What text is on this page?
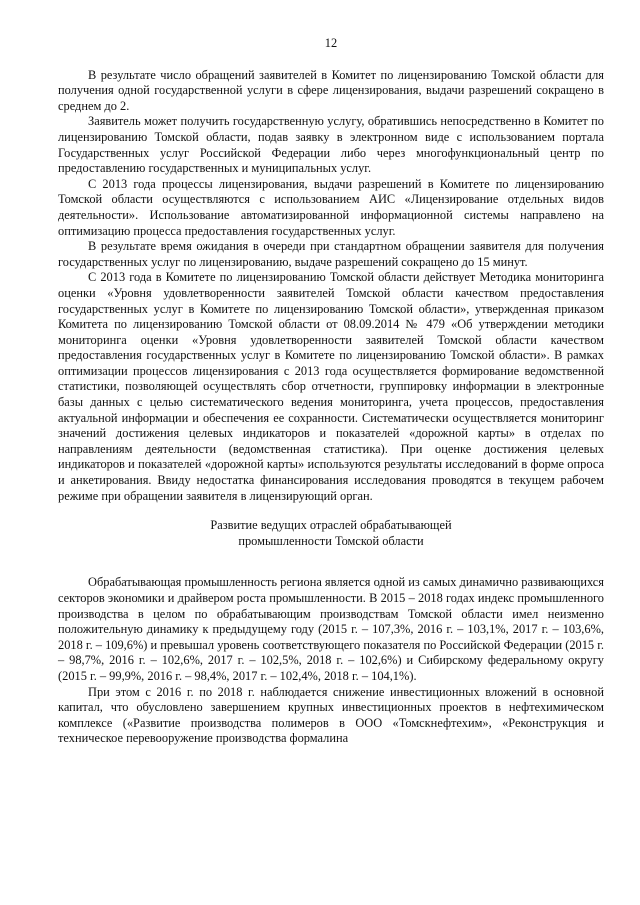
12

В результате число обращений заявителей в Комитет по лицензированию Томской области для получения одной государственной услуги в сфере лицензирования, выдачи разрешений сокращено в среднем до 2.

Заявитель может получить государственную услугу, обратившись непосредственно в Комитет по лицензированию Томской области, подав заявку в электронном виде с использованием портала Государственных услуг Российской Федерации либо через многофункциональный центр по предоставлению государственных и муниципальных услуг.

С 2013 года процессы лицензирования, выдачи разрешений в Комитете по лицензированию Томской области осуществляются с использованием АИС «Лицензирование отдельных видов деятельности». Использование автоматизированной информационной системы направлено на оптимизацию процесса предоставления государственных услуг.

В результате время ожидания в очереди при стандартном обращении заявителя для получения государственных услуг по лицензированию, выдаче разрешений сокращено до 15 минут.

С 2013 года в Комитете по лицензированию Томской области действует Методика мониторинга оценки «Уровня удовлетворенности заявителей Томской области качеством предоставления государственных услуг в Комитете по лицензированию Томской области», утвержденная приказом Комитета по лицензированию Томской области от 08.09.2014 № 479 «Об утверждении методики мониторинга оценки «Уровня удовлетворенности заявителей Томской области качеством предоставления государственных услуг в Комитете по лицензированию Томской области». В рамках оптимизации процессов лицензирования с 2013 года осуществляется формирование ведомственной статистики, позволяющей осуществлять сбор отчетности, группировку информации в электронные базы данных с целью систематического ведения мониторинга, учета процессов, предоставления актуальной информации и обеспечения ее сохранности. Систематически осуществляется мониторинг значений достижения целевых индикаторов и показателей «дорожной карты» в отделах по направлениям деятельности (ведомственная статистика). При оценке достижения целевых индикаторов и показателей «дорожной карты» используются результаты исследований в форме опроса и анкетирования. Ввиду недостатка финансирования исследования проводятся в текущем рабочем режиме при обращении заявителя в лицензирующий орган.

Развитие ведущих отраслей обрабатывающей
промышленности Томской области

Обрабатывающая промышленность региона является одной из самых динамично развивающихся секторов экономики и драйвером роста промышленности. В 2015 – 2018 годах индекс промышленного производства в целом по обрабатывающим производствам Томской области имел неизменно положительную динамику к предыдущему году (2015 г. – 107,3%, 2016 г. – 103,1%, 2017 г. – 103,6%, 2018 г. – 109,6%) и превышал уровень соответствующего показателя по Российской Федерации (2015 г. – 98,7%, 2016 г. – 102,6%, 2017 г. – 102,5%, 2018 г. – 102,6%) и Сибирскому федеральному округу (2015 г. – 99,9%, 2016 г. – 98,4%, 2017 г. – 102,4%, 2018 г. – 104,1%).

При этом с 2016 г. по 2018 г. наблюдается снижение инвестиционных вложений в основной капитал, что обусловлено завершением крупных инвестиционных проектов в нефтехимическом комплексе («Развитие производства полимеров в ООО «Томскнефтехим», «Реконструкция и техническое перевооружение производства формалина
